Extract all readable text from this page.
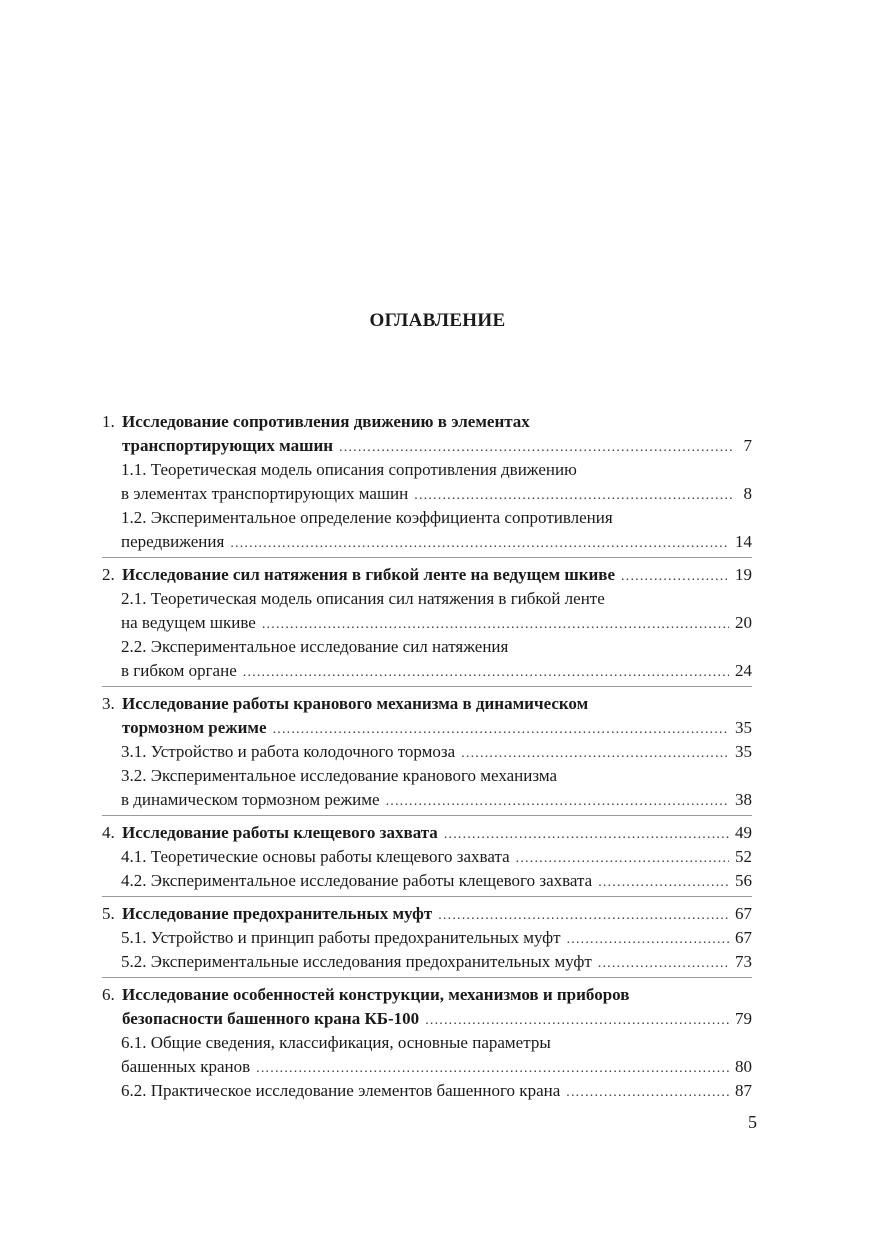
ОГЛАВЛЕНИЕ
1. Исследование сопротивления движению в элементах
транспортирующих машин .....	7
1.1. Теоретическая модель описания сопротивления движению
в элементах транспортирующих машин .....	8
1.2. Экспериментальное определение коэффициента сопротивления
передвижения .....	14
2. Исследование сил натяжения в гибкой ленте на ведущем шкиве .....	19
2.1. Теоретическая модель описания сил натяжения в гибкой ленте
на ведущем шкиве .....	20
2.2. Экспериментальное исследование сил натяжения
в гибком органе .....	24
3. Исследование работы кранового механизма в динамическом
тормозном режиме .....	35
3.1. Устройство и работа колодочного тормоза .....	35
3.2. Экспериментальное исследование кранового механизма
в динамическом тормозном режиме .....	38
4. Исследование работы клещевого захвата .....	49
4.1. Теоретические основы работы клещевого захвата .....	52
4.2. Экспериментальное исследование работы клещевого захвата .....	56
5. Исследование предохранительных муфт .....	67
5.1. Устройство и принцип работы предохранительных муфт .....	67
5.2. Экспериментальные исследования предохранительных муфт .....	73
6. Исследование особенностей конструкции, механизмов и приборов
безопасности башенного крана КБ-100 .....	79
6.1. Общие сведения, классификация, основные параметры
башенных кранов .....	80
6.2. Практическое исследование элементов башенного крана .....	87
5
